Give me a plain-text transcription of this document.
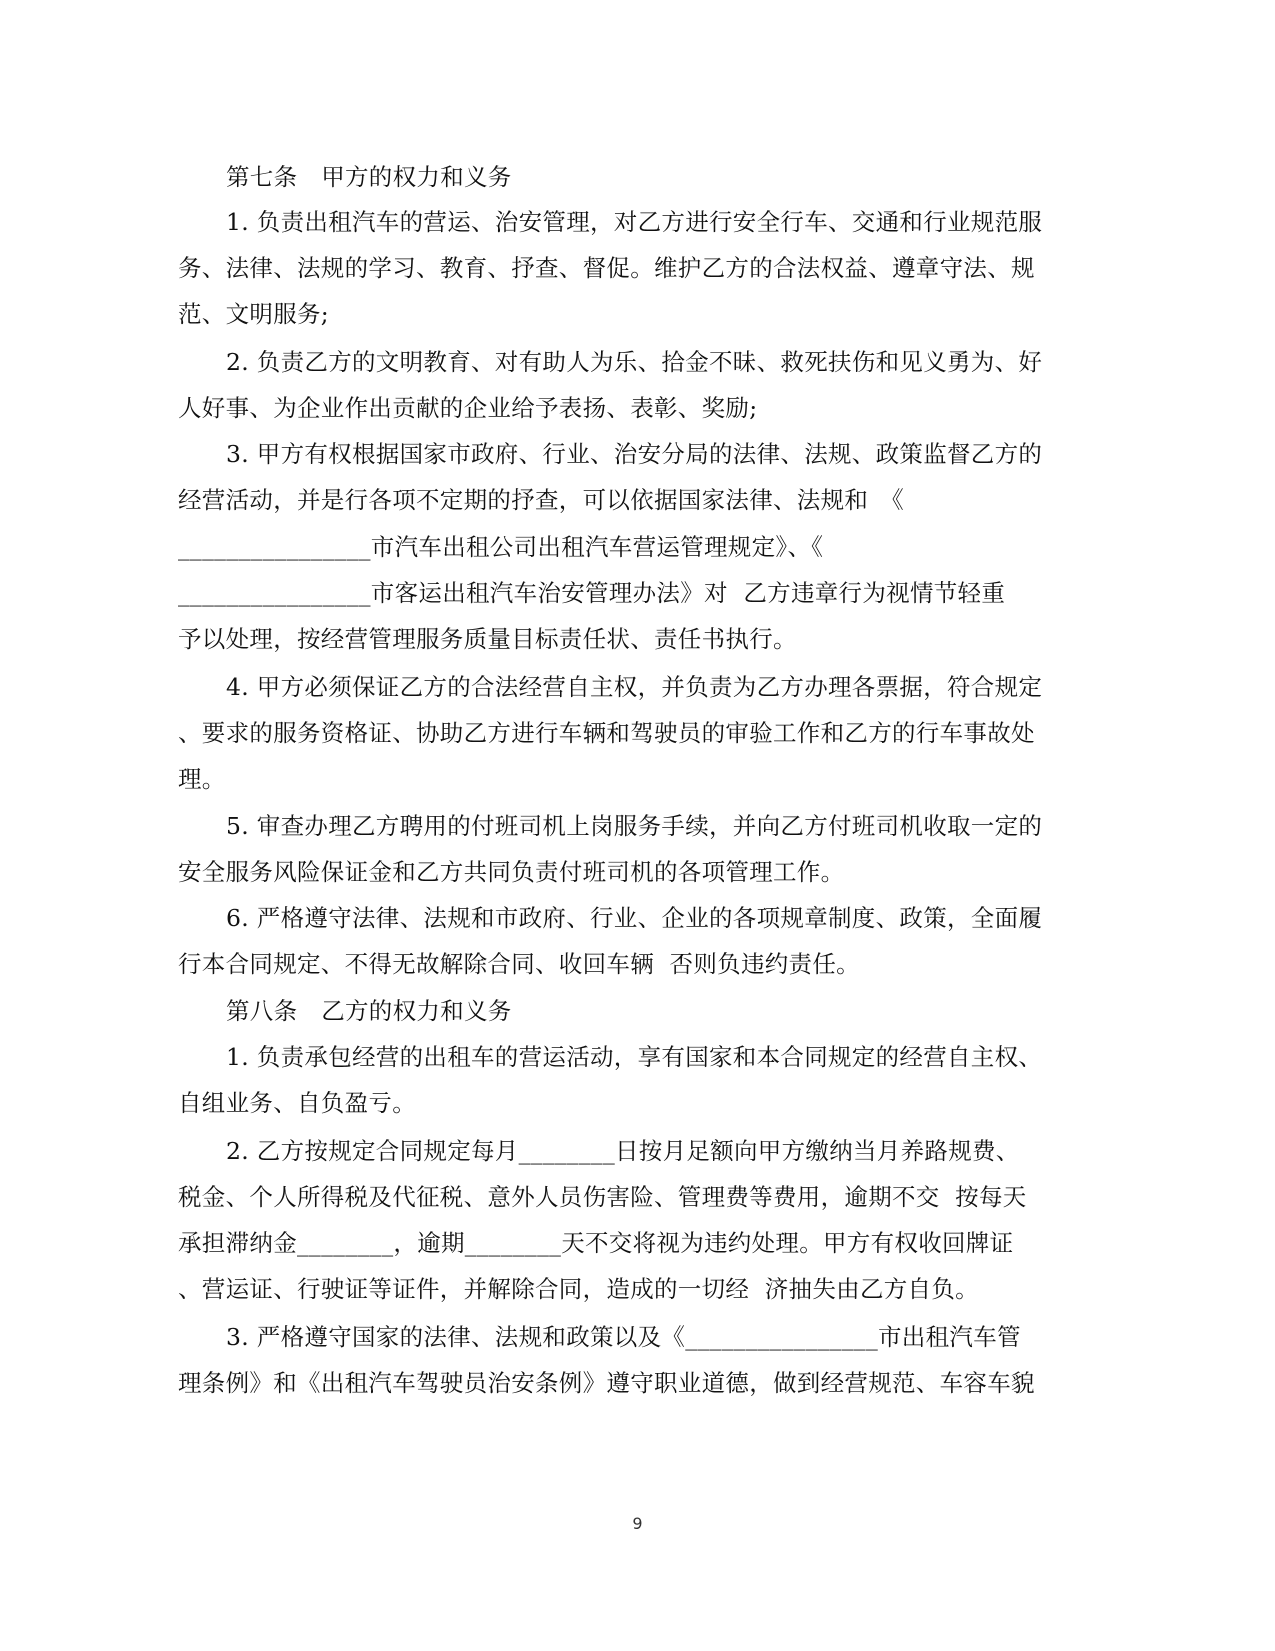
第七条　甲方的权力和义务
1. 负责出租汽车的营运、治安管理，对乙方进行安全行车、交通和行业规范服
务、法律、法规的学习、教育、抒查、督促。维护乙方的合法权益、遵章守法、规
范、文明服务;
2. 负责乙方的文明教育、对有助人为乐、拾金不昧、救死扶伤和见义勇为、好
人好事、为企业作出贡献的企业给予表扬、表彰、奖励;
3. 甲方有权根据国家市政府、行业、治安分局的法律、法规、政策监督乙方的
经营活动，并是行各项不定期的抒查，可以依据国家法律、法规和　《
________________市汽车出租公司出租汽车营运管理规定》、《
________________市客运出租汽车治安管理办法》对  乙方违章行为视情节轻重
予以处理，按经营管理服务质量目标责任状、责任书执行。
4. 甲方必须保证乙方的合法经营自主权，并负责为乙方办理各票据，符合规定
、要求的服务资格证、协助乙方进行车辆和驾驶员的审验工作和乙方的行车事故处
理。
5. 审查办理乙方聘用的付班司机上岗服务手续，并向乙方付班司机收取一定的
安全服务风险保证金和乙方共同负责付班司机的各项管理工作。
6. 严格遵守法律、法规和市政府、行业、企业的各项规章制度、政策，全面履
行本合同规定、不得无故解除合同、收回车辆  否则负违约责任。
第八条　乙方的权力和义务
1. 负责承包经营的出租车的营运活动，享有国家和本合同规定的经营自主权、
自组业务、自负盈亏。
2. 乙方按规定合同规定每月________日按月足额向甲方缴纳当月养路规费、
税金、个人所得税及代征税、意外人员伤害险、管理费等费用，逾期不交  按每天
承担滞纳金________，逾期________天不交将视为违约处理。甲方有权收回牌证
、营运证、行驶证等证件，并解除合同，造成的一切经  济抽失由乙方自负。
3. 严格遵守国家的法律、法规和政策以及《________________市出租汽车管
理条例》和《出租汽车驾驶员治安条例》遵守职业道德，做到经营规范、车容车貌
9
